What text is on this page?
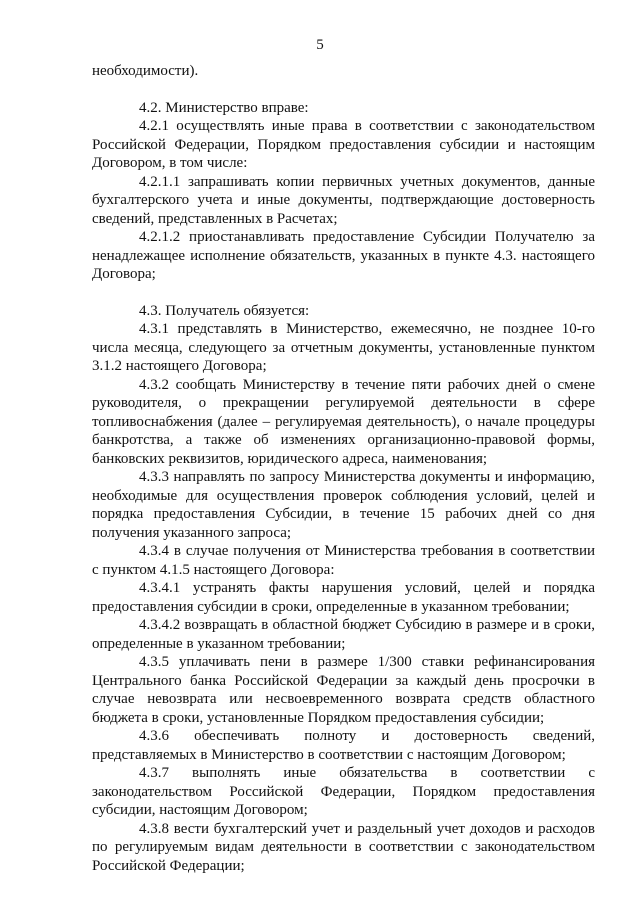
5

необходимости).

4.2. Министерство вправе:

4.2.1 осуществлять иные права в соответствии с законодательством Российской Федерации, Порядком предоставления субсидии и настоящим Договором, в том числе:

4.2.1.1 запрашивать копии первичных учетных документов, данные бухгалтерского учета и иные документы, подтверждающие достоверность сведений, представленных в Расчетах;

4.2.1.2 приостанавливать предоставление Субсидии Получателю за ненадлежащее исполнение обязательств, указанных в пункте 4.3. настоящего Договора;

4.3. Получатель обязуется:

4.3.1 представлять в Министерство, ежемесячно, не позднее 10-го числа месяца, следующего за отчетным документы, установленные пунктом 3.1.2 настоящего Договора;

4.3.2 сообщать Министерству в течение пяти рабочих дней о смене руководителя, о прекращении регулируемой деятельности в сфере топливоснабжения (далее – регулируемая деятельность), о начале процедуры банкротства, а также об изменениях организационно-правовой формы, банковских реквизитов, юридического адреса, наименования;

4.3.3 направлять по запросу Министерства документы и информацию, необходимые для осуществления проверок соблюдения условий, целей и порядка предоставления Субсидии, в течение 15 рабочих дней со дня получения указанного запроса;

4.3.4 в случае получения от Министерства требования в соответствии с пунктом 4.1.5 настоящего Договора:

4.3.4.1 устранять факты нарушения условий, целей и порядка предоставления субсидии в сроки, определенные в указанном требовании;

4.3.4.2 возвращать в областной бюджет Субсидию в размере и в сроки, определенные в указанном требовании;

4.3.5 уплачивать пени в размере 1/300 ставки рефинансирования Центрального банка Российской Федерации за каждый день просрочки в случае невозврата или несвоевременного возврата средств областного бюджета в сроки, установленные Порядком предоставления субсидии;

4.3.6 обеспечивать полноту и достоверность сведений, представляемых в Министерство в соответствии с настоящим Договором;

4.3.7 выполнять иные обязательства в соответствии с законодательством Российской Федерации, Порядком предоставления субсидии, настоящим Договором;

4.3.8 вести бухгалтерский учет и раздельный учет доходов и расходов по регулируемым видам деятельности в соответствии с законодательством Российской Федерации;
